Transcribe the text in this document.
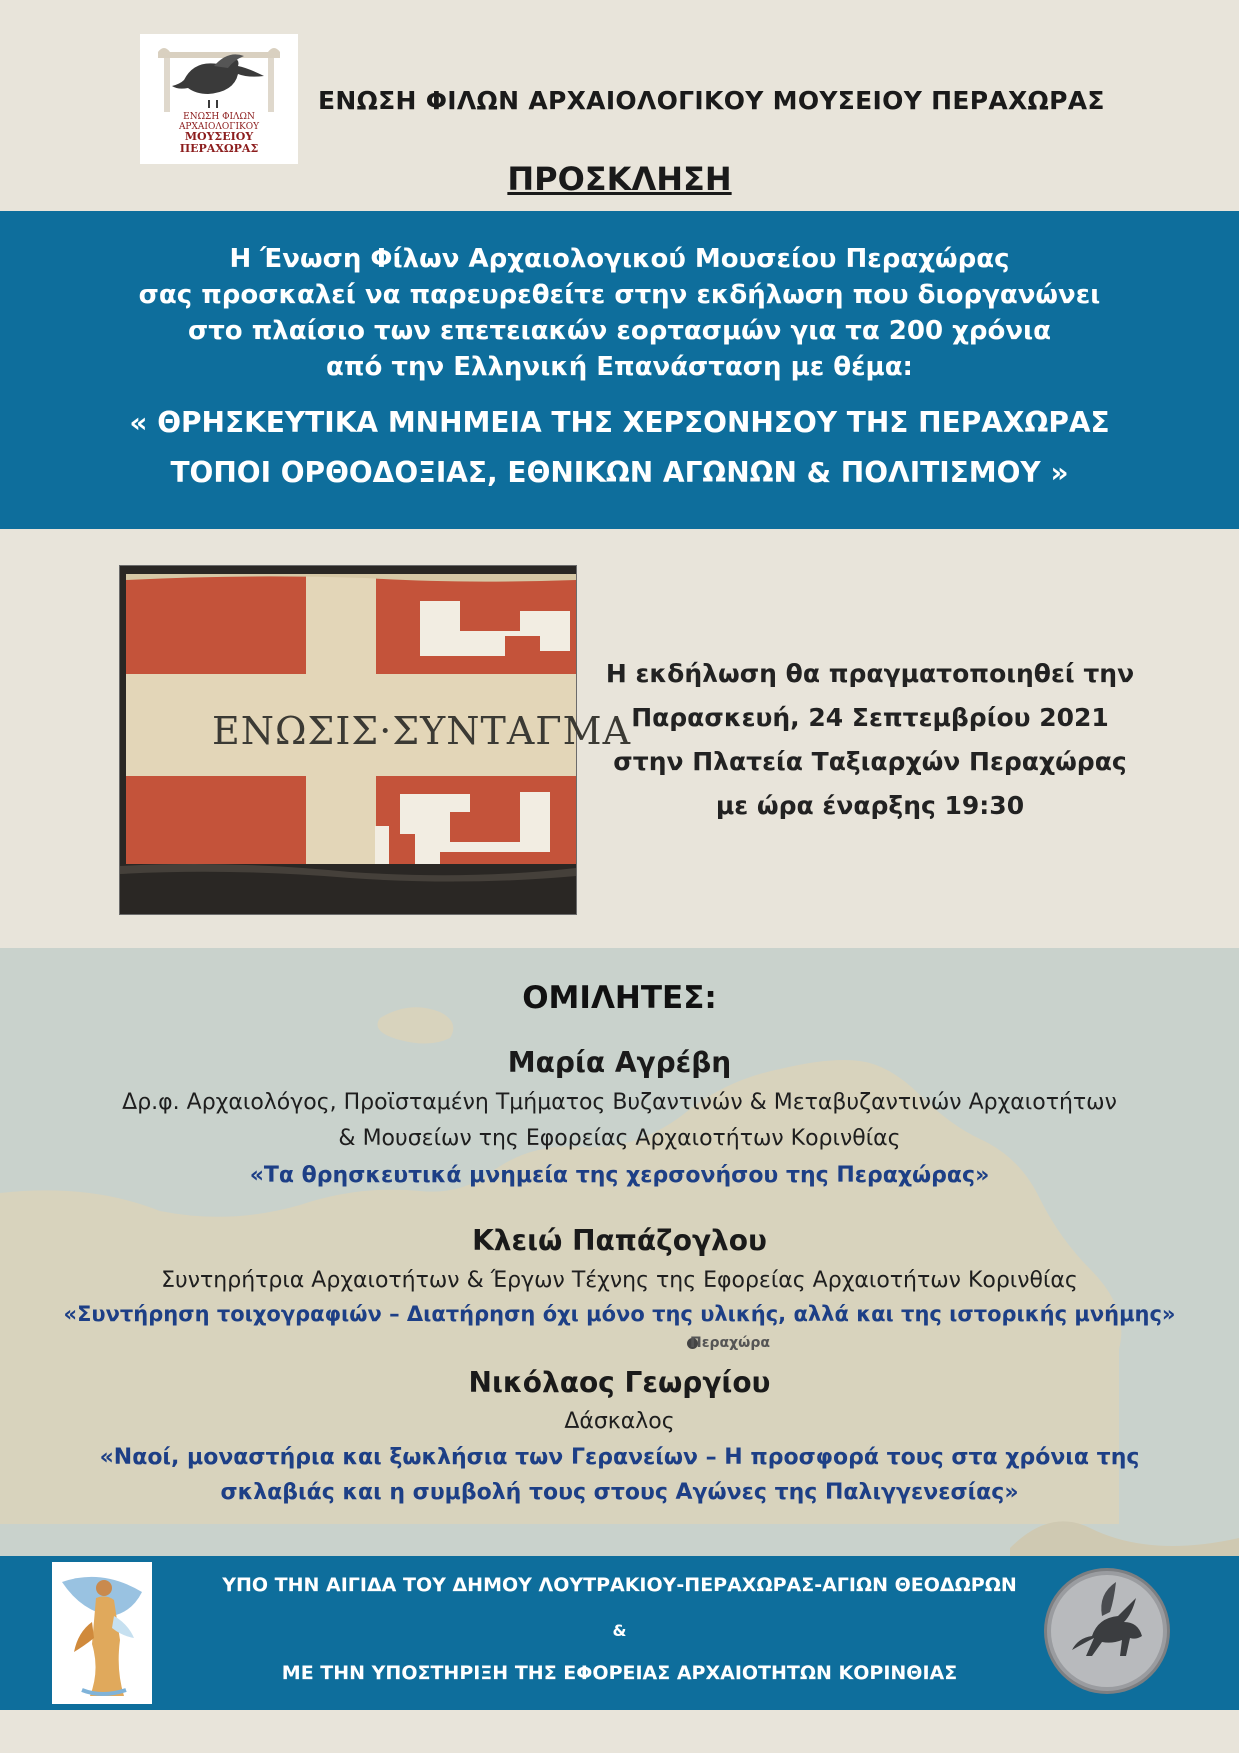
ΕΝΩΣΗ ΦΙΛΩΝ
ΑΡΧΑΙΟΛΟΓΙΚΟΥ
ΜΟΥΣΕΙΟΥ
ΠΕΡΑΧΩΡΑΣ
ΕΝΩΣΗ ΦΙΛΩΝ ΑΡΧΑΙΟΛΟΓΙΚΟΥ ΜΟΥΣΕΙΟΥ ΠΕΡΑΧΩΡΑΣ
ΠΡΟΣΚΛΗΣΗ
Η Ένωση Φίλων Αρχαιολογικού Μουσείου Περαχώρας
σας προσκαλεί να παρευρεθείτε στην εκδήλωση που διοργανώνει
στο πλαίσιο των επετειακών εορτασμών για τα 200 χρόνια
από την Ελληνική Επανάσταση με θέμα:
« ΘΡΗΣΚΕΥΤΙΚΑ ΜΝΗΜΕΙΑ ΤΗΣ ΧΕΡΣΟΝΗΣΟΥ ΤΗΣ ΠΕΡΑΧΩΡΑΣ
ΤΟΠΟΙ ΟΡΘΟΔΟΞΙΑΣ, ΕΘΝΙΚΩΝ ΑΓΩΝΩΝ & ΠΟΛΙΤΙΣΜΟΥ »
ΕΝΩΣΙΣ·ΣΥΝΤΑΓΜΑ
Η εκδήλωση θα πραγματοποιηθεί την
Παρασκευή, 24 Σεπτεμβρίου 2021
στην Πλατεία Ταξιαρχών Περαχώρας
με ώρα έναρξης 19:30
Περαχώρα
ΟΜΙΛΗΤΕΣ:
Μαρία Αγρέβη
Δρ.φ. Αρχαιολόγος, Προϊσταμένη Τμήματος Βυζαντινών & Μεταβυζαντινών Αρχαιοτήτων
& Μουσείων της Εφορείας Αρχαιοτήτων Κορινθίας
«Τα θρησκευτικά μνημεία της χερσονήσου της Περαχώρας»
Κλειώ Παπάζογλου
Συντηρήτρια Αρχαιοτήτων & Έργων Τέχνης της Εφορείας Αρχαιοτήτων Κορινθίας
«Συντήρηση τοιχογραφιών – Διατήρηση όχι μόνο της υλικής, αλλά και της ιστορικής μνήμης»
Νικόλαος Γεωργίου
Δάσκαλος
«Ναοί, μοναστήρια και ξωκλήσια των Γερανείων – Η προσφορά τους στα χρόνια της
σκλαβιάς και η συμβολή τους στους Αγώνες της Παλιγγενεσίας»
ΥΠΟ ΤΗΝ ΑΙΓΙΔΑ ΤΟΥ ΔΗΜΟΥ ΛΟΥΤΡΑΚΙΟΥ-ΠΕΡΑΧΩΡΑΣ-ΑΓΙΩΝ ΘΕΟΔΩΡΩΝ
&
ΜΕ ΤΗΝ ΥΠΟΣΤΗΡΙΞΗ ΤΗΣ ΕΦΟΡΕΙΑΣ ΑΡΧΑΙΟΤΗΤΩΝ ΚΟΡΙΝΘΙΑΣ
